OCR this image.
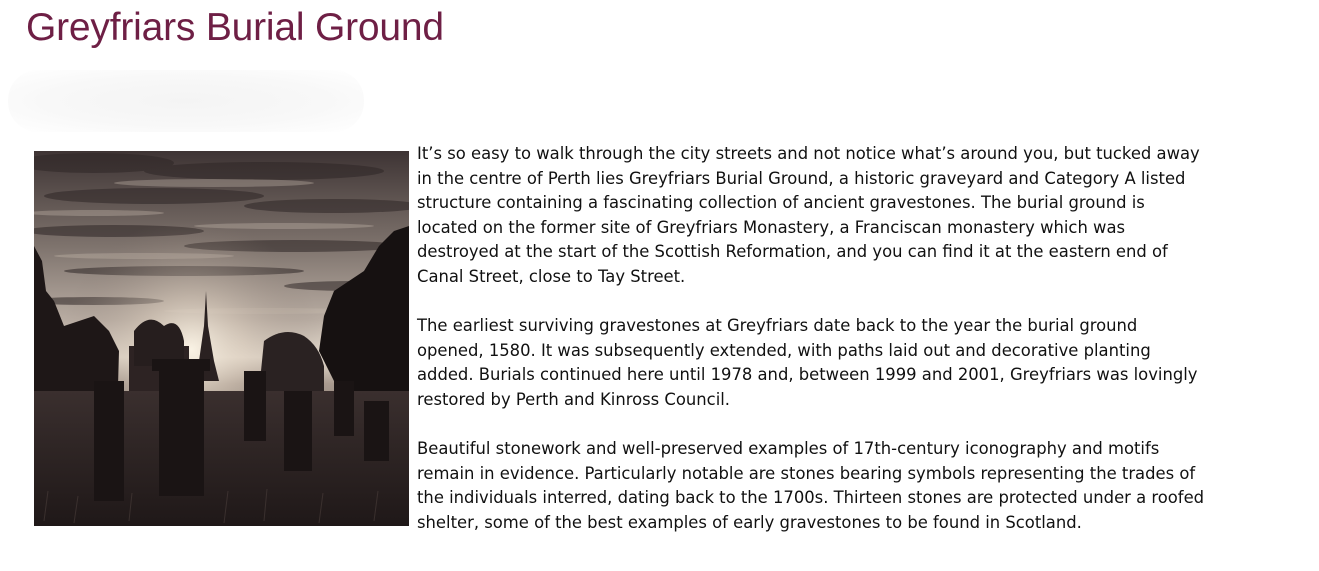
Greyfriars Burial Ground

It’s so easy to walk through the city streets and not notice what’s around you, but tucked away in the centre of Perth lies Greyfriars Burial Ground, a historic graveyard and Category A listed structure containing a fascinating collection of ancient gravestones. The burial ground is located on the former site of Greyfriars Monastery, a Franciscan monastery which was destroyed at the start of the Scottish Reformation, and you can find it at the eastern end of Canal Street, close to Tay Street.

The earliest surviving gravestones at Greyfriars date back to the year the burial ground opened, 1580. It was subsequently extended, with paths laid out and decorative planting added. Burials continued here until 1978 and, between 1999 and 2001, Greyfriars was lovingly restored by Perth and Kinross Council.

Beautiful stonework and well-preserved examples of 17th-century iconography and motifs remain in evidence. Particularly notable are stones bearing symbols representing the trades of the individuals interred, dating back to the 1700s. Thirteen stones are protected under a roofed shelter, some of the best examples of early gravestones to be found in Scotland.
